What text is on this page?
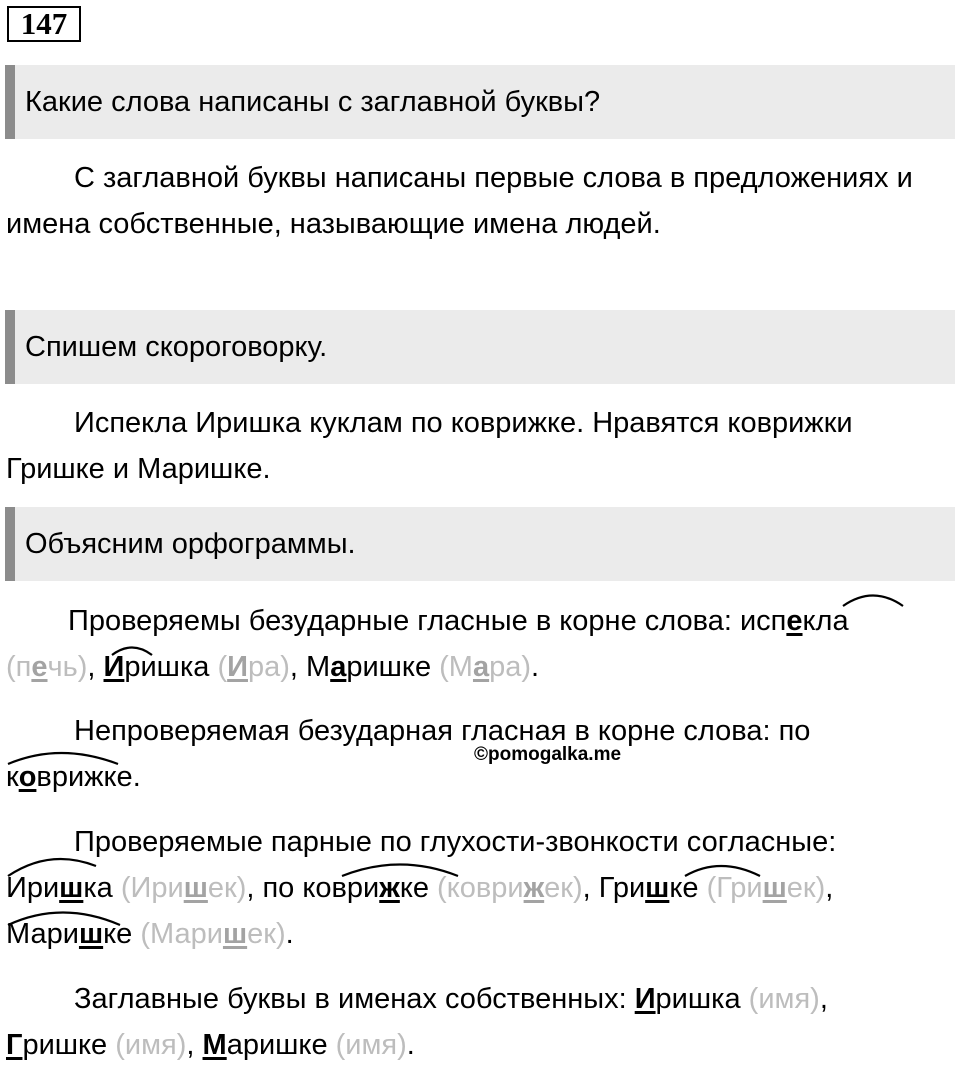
147
Какие слова написаны с заглавной буквы?
С заглавной буквы написаны первые слова в предложениях и имена собственные, называющие имена людей.
Спишем скороговорку.
Испекла Иришка куклам по коврижке. Нравятся коврижки Гришке и Маришке.
Объясним орфограммы.
Проверяемы безударные гласные в корне слова: испекла
(печь), Иришка (Ира), Маришке (Мара).
Непроверяемая безударная гласная в корне слова: по
коврижке.
©pomogalka.me
Проверяемые парные по глухости-звонкости согласные:
Иришка (Иришек), по коврижке (коврижек), Гришке (Гришек),
Маришке (Маришек).
Заглавные буквы в именах собственных: Иришка (имя),
Гришке (имя), Маришке (имя).
